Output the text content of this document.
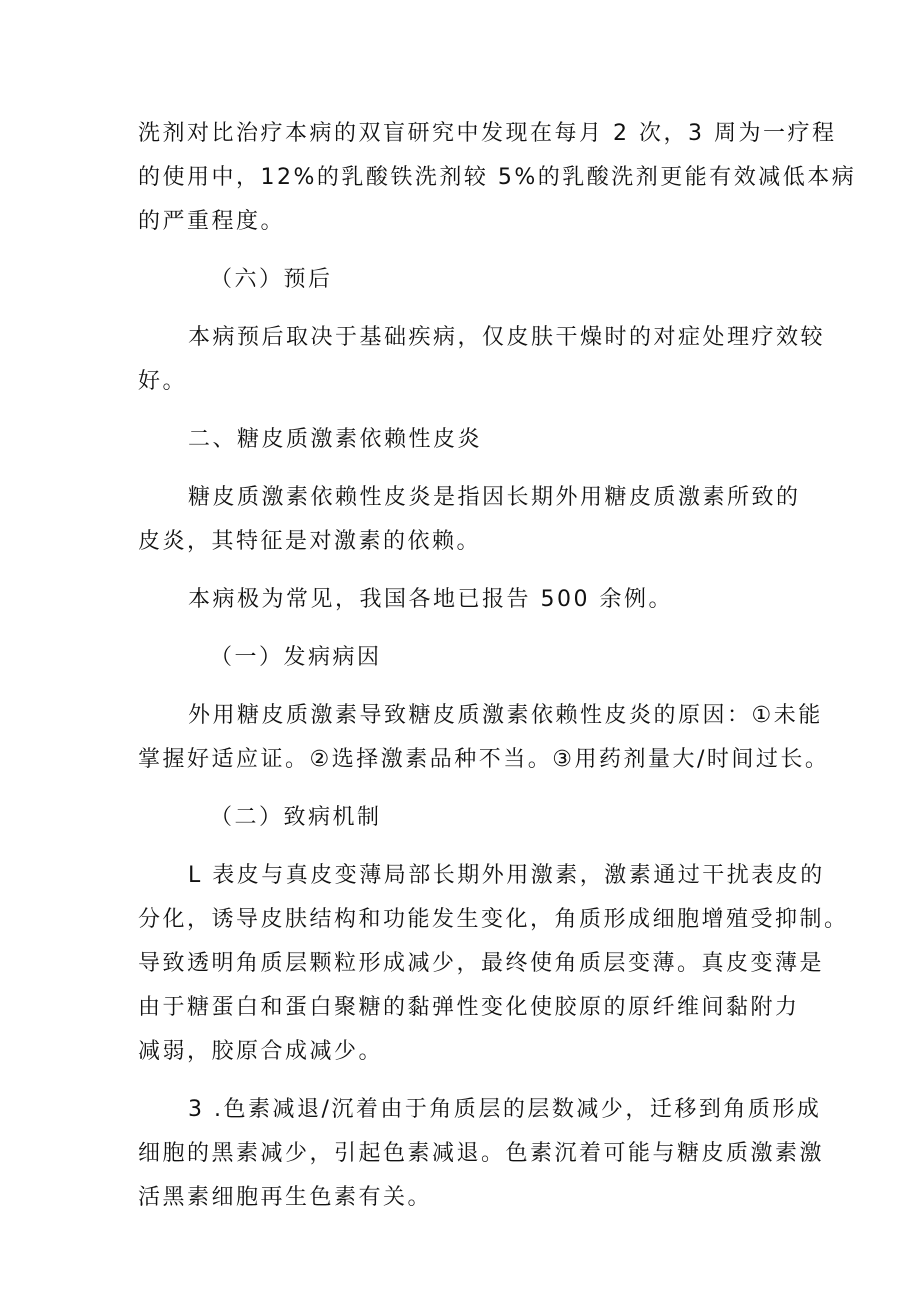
洗剂对比治疗本病的双盲研究中发现在每月 2 次，3 周为一疗程

的使用中，12%的乳酸铁洗剂较 5%的乳酸洗剂更能有效减低本病

的严重程度。

（六）预后

本病预后取决于基础疾病，仅皮肤干燥时的对症处理疗效较

好。

二、糖皮质激素依赖性皮炎

糖皮质激素依赖性皮炎是指因长期外用糖皮质激素所致的

皮炎，其特征是对激素的依赖。

本病极为常见，我国各地已报告 500 余例。

（一）发病病因

外用糖皮质激素导致糖皮质激素依赖性皮炎的原因：①未能

掌握好适应证。②选择激素品种不当。③用药剂量大/时间过长。

（二）致病机制

L 表皮与真皮变薄局部长期外用激素，激素通过干扰表皮的

分化，诱导皮肤结构和功能发生变化，角质形成细胞增殖受抑制。

导致透明角质层颗粒形成减少，最终使角质层变薄。真皮变薄是

由于糖蛋白和蛋白聚糖的黏弹性变化使胶原的原纤维间黏附力

减弱，胶原合成减少。

3 .色素减退/沉着由于角质层的层数减少，迁移到角质形成

细胞的黑素减少，引起色素减退。色素沉着可能与糖皮质激素激

活黑素细胞再生色素有关。
